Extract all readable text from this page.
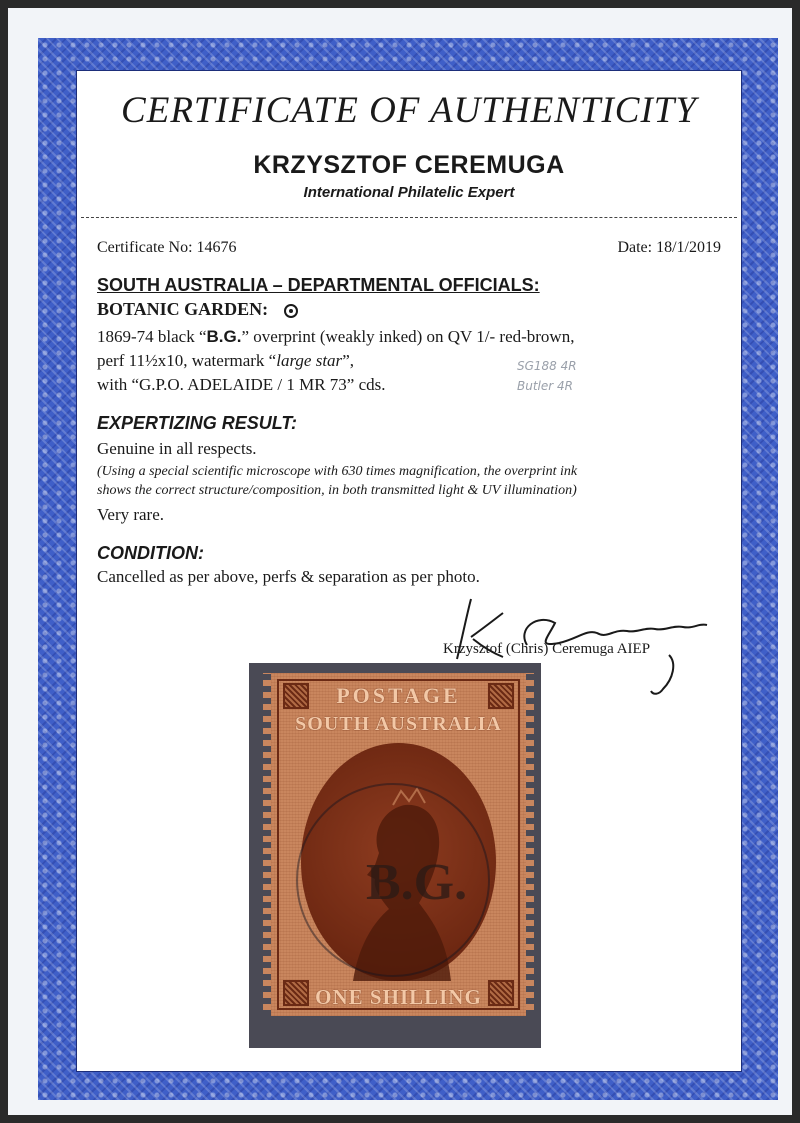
CERTIFICATE OF AUTHENTICITY
KRZYSZTOF CEREMUGA
International Philatelic Expert
Certificate No: 14676	Date: 18/1/2019
SOUTH AUSTRALIA – DEPARTMENTAL OFFICIALS:
BOTANIC GARDEN:
1869-74 black “B.G.” overprint (weakly inked) on QV 1/- red-brown,
perf 11½x10, watermark “large star”,
with “G.P.O. ADELAIDE / 1 MR 73” cds.
SG188 4R
Butler 4R
EXPERTIZING RESULT:
Genuine in all respects.
(Using a special scientific microscope with 630 times magnification, the overprint ink
shows the correct structure/composition, in both transmitted light & UV illumination)
Very rare.
CONDITION:
Cancelled as per above, perfs & separation as per photo.
Krzysztof (Chris) Ceremuga AIEP
POSTAGE
SOUTH AUSTRALIA
ONE SHILLING
B.G.
